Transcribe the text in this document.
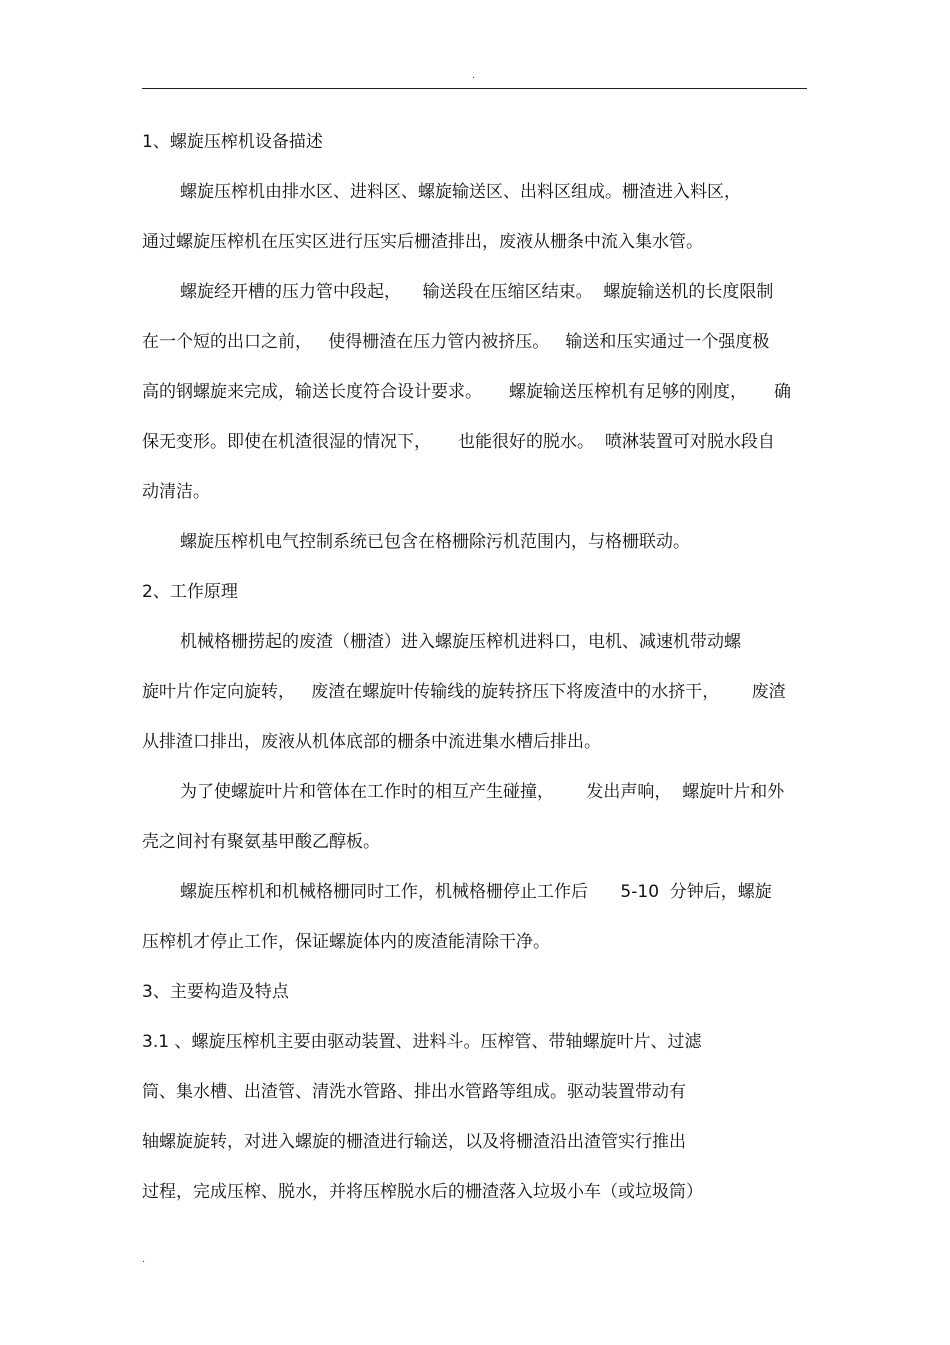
.
1、螺旋压榨机设备描述
螺旋压榨机由排水区、进料区、螺旋输送区、出料区组成。栅渣进入料区，
通过螺旋压榨机在压实区进行压实后栅渣排出，废液从栅条中流入集水管。
螺旋经开槽的压力管中段起，    输送段在压缩区结束。  螺旋输送机的长度限制
在一个短的出口之前，   使得栅渣在压力管内被挤压。   输送和压实通过一个强度极
高的钢螺旋来完成，输送长度符合设计要求。     螺旋输送压榨机有足够的刚度，     确
保无变形。即使在机渣很湿的情况下，     也能很好的脱水。  喷淋装置可对脱水段自
动清洁。
螺旋压榨机电气控制系统已包含在格栅除污机范围内，与格栅联动。
2、工作原理
机械格栅捞起的废渣（栅渣）进入螺旋压榨机进料口，电机、减速机带动螺
旋叶片作定向旋转，   废渣在螺旋叶传输线的旋转挤压下将废渣中的水挤干，      废渣
从排渣口排出，废液从机体底部的栅条中流进集水槽后排出。
为了使螺旋叶片和管体在工作时的相互产生碰撞，      发出声响，  螺旋叶片和外
壳之间衬有聚氨基甲酸乙醇板。
螺旋压榨机和机械格栅同时工作，机械格栅停止工作后      5-10  分钟后，螺旋
压榨机才停止工作，保证螺旋体内的废渣能清除干净。
3、主要构造及特点
3.1 、螺旋压榨机主要由驱动装置、进料斗。压榨管、带轴螺旋叶片、过滤
筒、集水槽、出渣管、清洗水管路、排出水管路等组成。驱动装置带动有
轴螺旋旋转，对进入螺旋的栅渣进行输送，以及将栅渣沿出渣管实行推出
过程，完成压榨、脱水，并将压榨脱水后的栅渣落入垃圾小车（或垃圾筒）
.
